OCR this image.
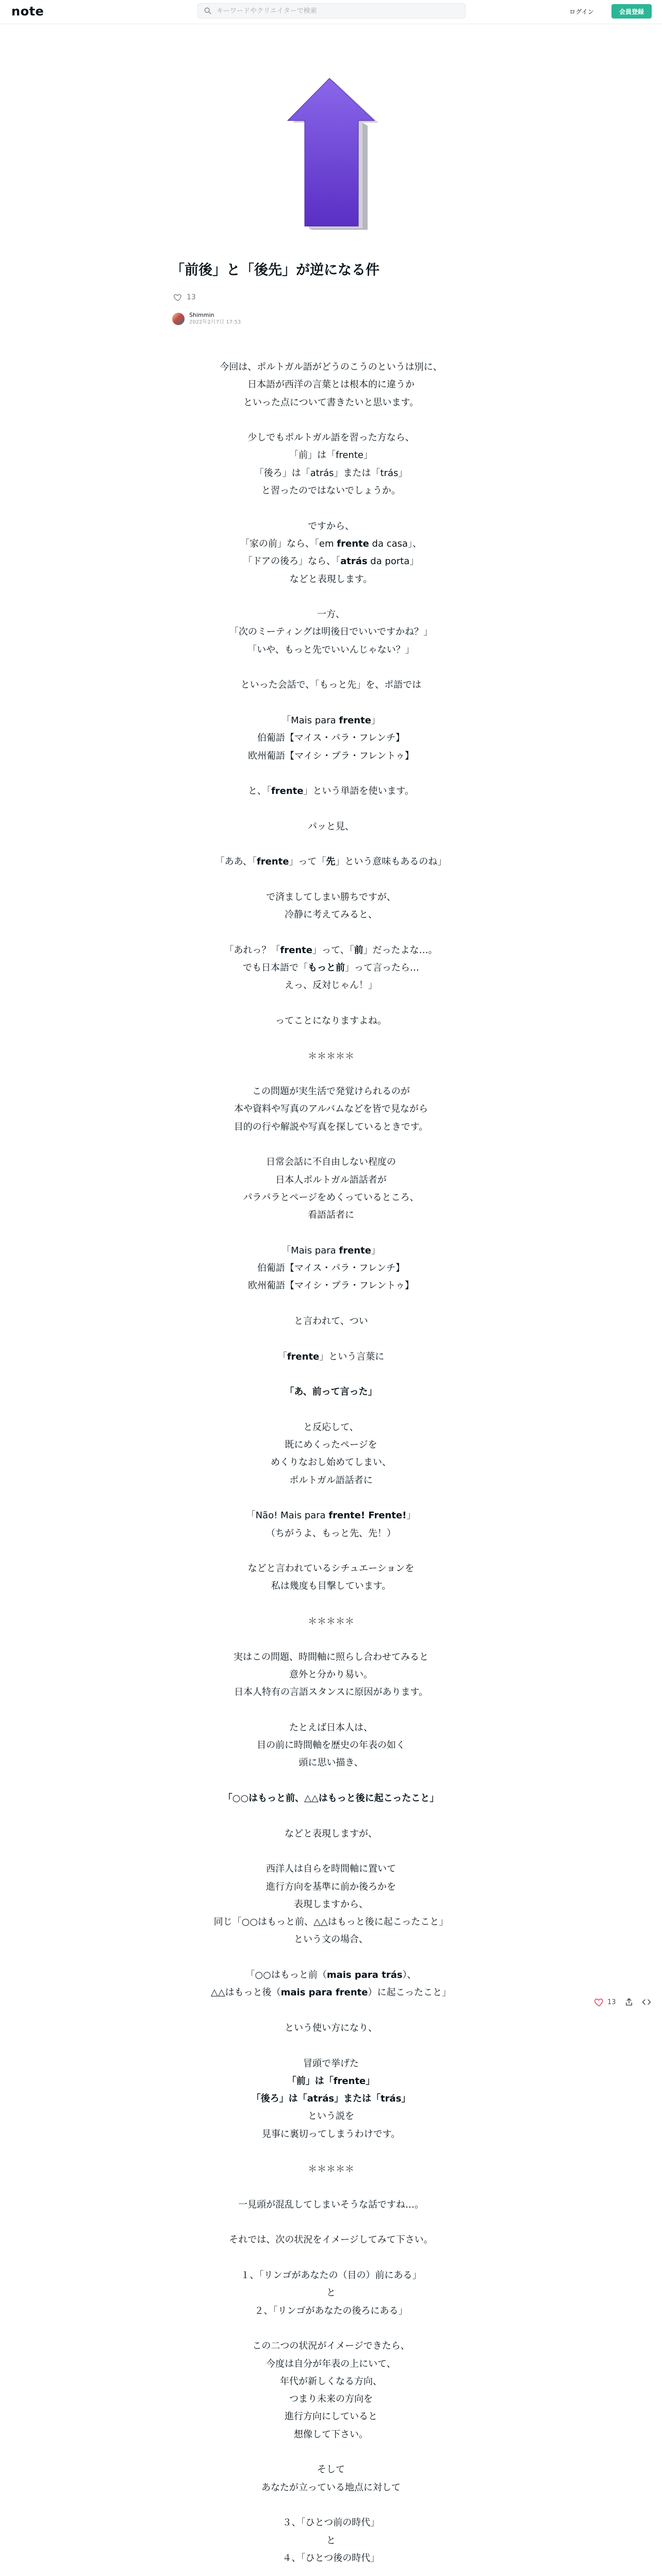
note
キーワードやクリエイターで検索	ログイン	会員登録
「前後」と「後先」が逆になる件
13
Shimmin
2022年2月7日 17:53

今回は、ポルトガル語がどうのこうのというは別に、
日本語が西洋の言葉とは根本的に違うか
といった点について書きたいと思います。

少しでもポルトガル語を習った方なら、
「前」は「frente」
「後ろ」は「atrás」または「trás」
と習ったのではないでしょうか。

ですから、
「家の前」なら、「em frente da casa」、
「ドアの後ろ」なら、「atrás da porta」
などと表現します。

一方、
「次のミーティングは明後日でいいですかね？」
「いや、もっと先でいいんじゃない？」

といった会話で、「もっと先」を、ポ語では

「Mais para frente」
伯葡語【マイス・パラ・フレンチ】
欧州葡語【マイシ・プラ・フレントゥ】

と、「frente」という単語を使います。

パッと見、

「ああ、「frente」って「先」という意味もあるのね」

で済ましてしまい勝ちですが、
冷静に考えてみると、

「あれっ？「frente」って、「前」だったよな…。
でも日本語で「もっと前」って言ったら…
えっ、反対じゃん！」

ってことになりますよね。

＊＊＊＊＊

この問題が実生活で発覚けられるのが
本や資料や写真のアルバムなどを皆で見ながら
目的の行や解説や写真を探しているときです。

日常会話に不自由しない程度の
日本人ポルトガル語話者が
パラパラとページをめくっているところ、
看語話者に

「Mais para frente」
伯葡語【マイス・パラ・フレンチ】
欧州葡語【マイシ・プラ・フレントゥ】

と言われて、つい

「frente」という言葉に

「あ、前って言った」

と反応して、
既にめくったページを
めくりなおし始めてしまい、
ポルトガル語話者に

「Não! Mais para frente! Frente!」
（ちがうよ、もっと先、先！）

などと言われているシチュエーションを
私は幾度も目撃しています。

＊＊＊＊＊

実はこの問題、時間軸に照らし合わせてみると
意外と分かり易い。
日本人特有の言語スタンスに原因があります。

たとえば日本人は、
目の前に時間軸を歴史の年表の如く
頭に思い描き、

「○○はもっと前、△△はもっと後に起こったこと」

などと表現しますが、

西洋人は自らを時間軸に置いて
進行方向を基準に前か後ろかを
表現しますから、
同じ「○○はもっと前、△△はもっと後に起こったこと」
という文の場合、

「○○はもっと前（mais para trás）、
△△はもっと後（mais para frente）に起こったこと」

という使い方になり、

冒頭で挙げた
「前」は「frente」
「後ろ」は「atrás」または「trás」
という説を
見事に裏切ってしまうわけです。

＊＊＊＊＊

一見頭が混乱してしまいそうな話ですね…。

それでは、次の状況をイメージしてみて下さい。

１、「リンゴがあなたの（目の）前にある」
と
２、「リンゴがあなたの後ろにある」

この二つの状況がイメージできたら、
今度は自分が年表の上にいて、
年代が新しくなる方向、
つまり未来の方向を
進行方向にしていると
想像して下さい。

そして
あなたが立っている地点に対して

３、「ひとつ前の時代」
と
４、「ひとつ後の時代」

13
